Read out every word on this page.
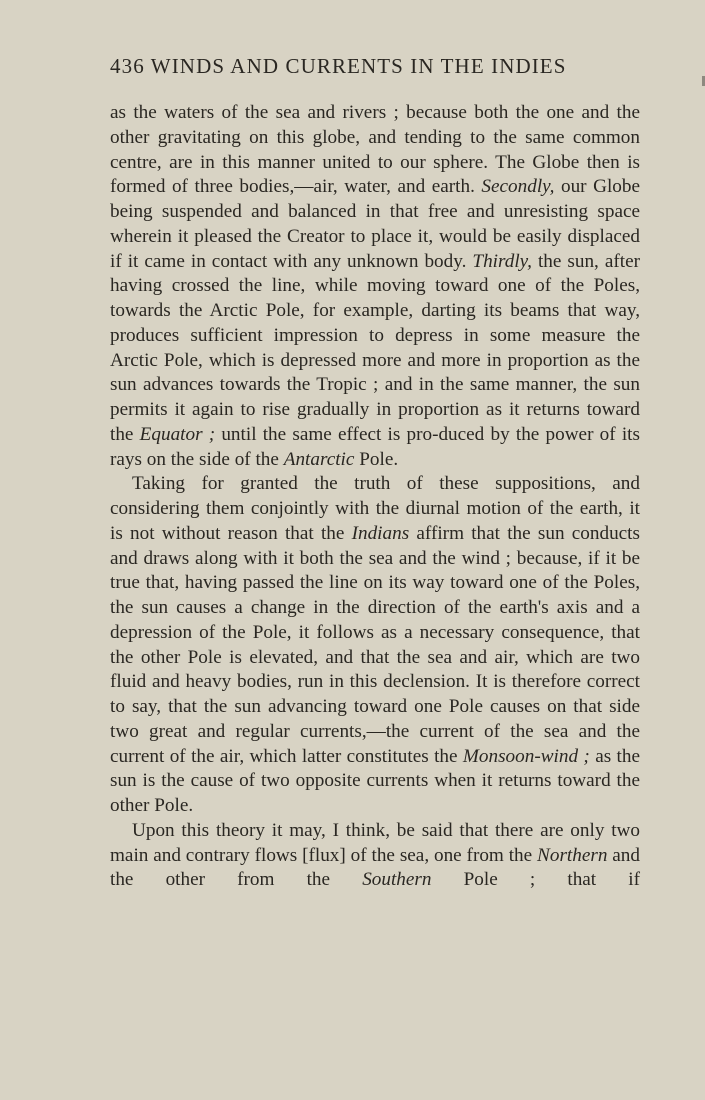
436 WINDS AND CURRENTS IN THE INDIES

as the waters of the sea and rivers ; because both the one and the other gravitating on this globe, and tending to the same common centre, are in this manner united to our sphere. The Globe then is formed of three bodies,—air, water, and earth. Secondly, our Globe being suspended and balanced in that free and unresisting space wherein it pleased the Creator to place it, would be easily displaced if it came in contact with any unknown body. Thirdly, the sun, after having crossed the line, while moving toward one of the Poles, towards the Arctic Pole, for example, darting its beams that way, produces sufficient impression to depress in some measure the Arctic Pole, which is depressed more and more in proportion as the sun advances towards the Tropic ; and in the same manner, the sun permits it again to rise gradually in proportion as it returns toward the Equator ; until the same effect is pro-duced by the power of its rays on the side of the Antarctic Pole.

Taking for granted the truth of these suppositions, and considering them conjointly with the diurnal motion of the earth, it is not without reason that the Indians affirm that the sun conducts and draws along with it both the sea and the wind ; because, if it be true that, having passed the line on its way toward one of the Poles, the sun causes a change in the direction of the earth's axis and a depression of the Pole, it follows as a necessary consequence, that the other Pole is elevated, and that the sea and air, which are two fluid and heavy bodies, run in this declension. It is therefore correct to say, that the sun advancing toward one Pole causes on that side two great and regular currents,—the current of the sea and the current of the air, which latter constitutes the Monsoon-wind ; as the sun is the cause of two opposite currents when it returns toward the other Pole.

Upon this theory it may, I think, be said that there are only two main and contrary flows [flux] of the sea, one from the Northern and the other from the Southern Pole ; that if
